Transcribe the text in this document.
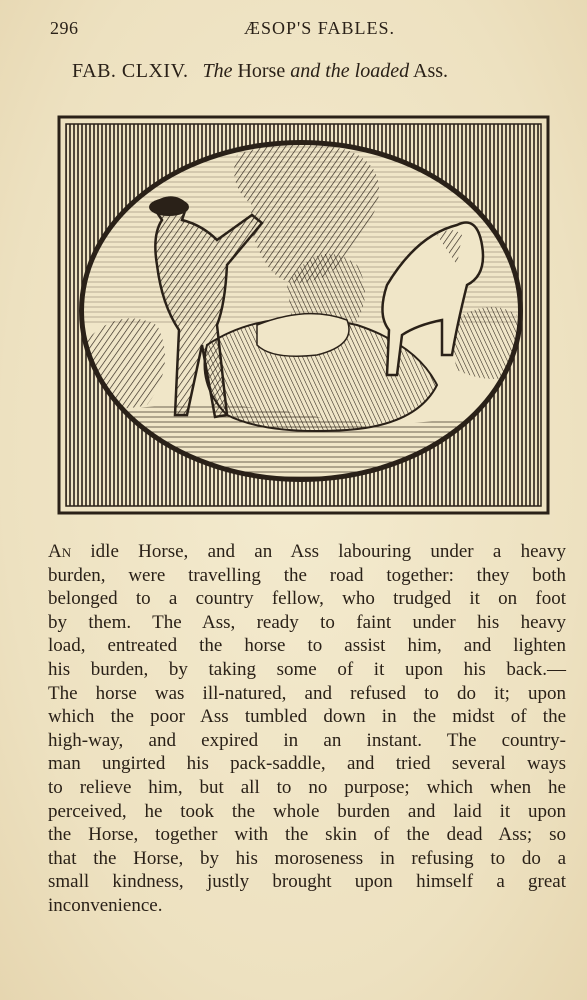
296	ÆSOP'S FABLES.
FAB. CLXIV. The Horse and the loaded Ass.
An idle Horse, and an Ass labouring under a heavy
burden, were travelling the road together: they both
belonged to a country fellow, who trudged it on foot
by them. The Ass, ready to faint under his heavy
load, entreated the horse to assist him, and lighten
his burden, by taking some of it upon his back.—
The horse was ill-natured, and refused to do it; upon
which the poor Ass tumbled down in the midst of the
high-way, and expired in an instant. The country-
man ungirted his pack-saddle, and tried several ways
to relieve him, but all to no purpose; which when he
perceived, he took the whole burden and laid it upon
the Horse, together with the skin of the dead Ass; so
that the Horse, by his moroseness in refusing to do a
small kindness, justly brought upon himself a great
inconvenience.
